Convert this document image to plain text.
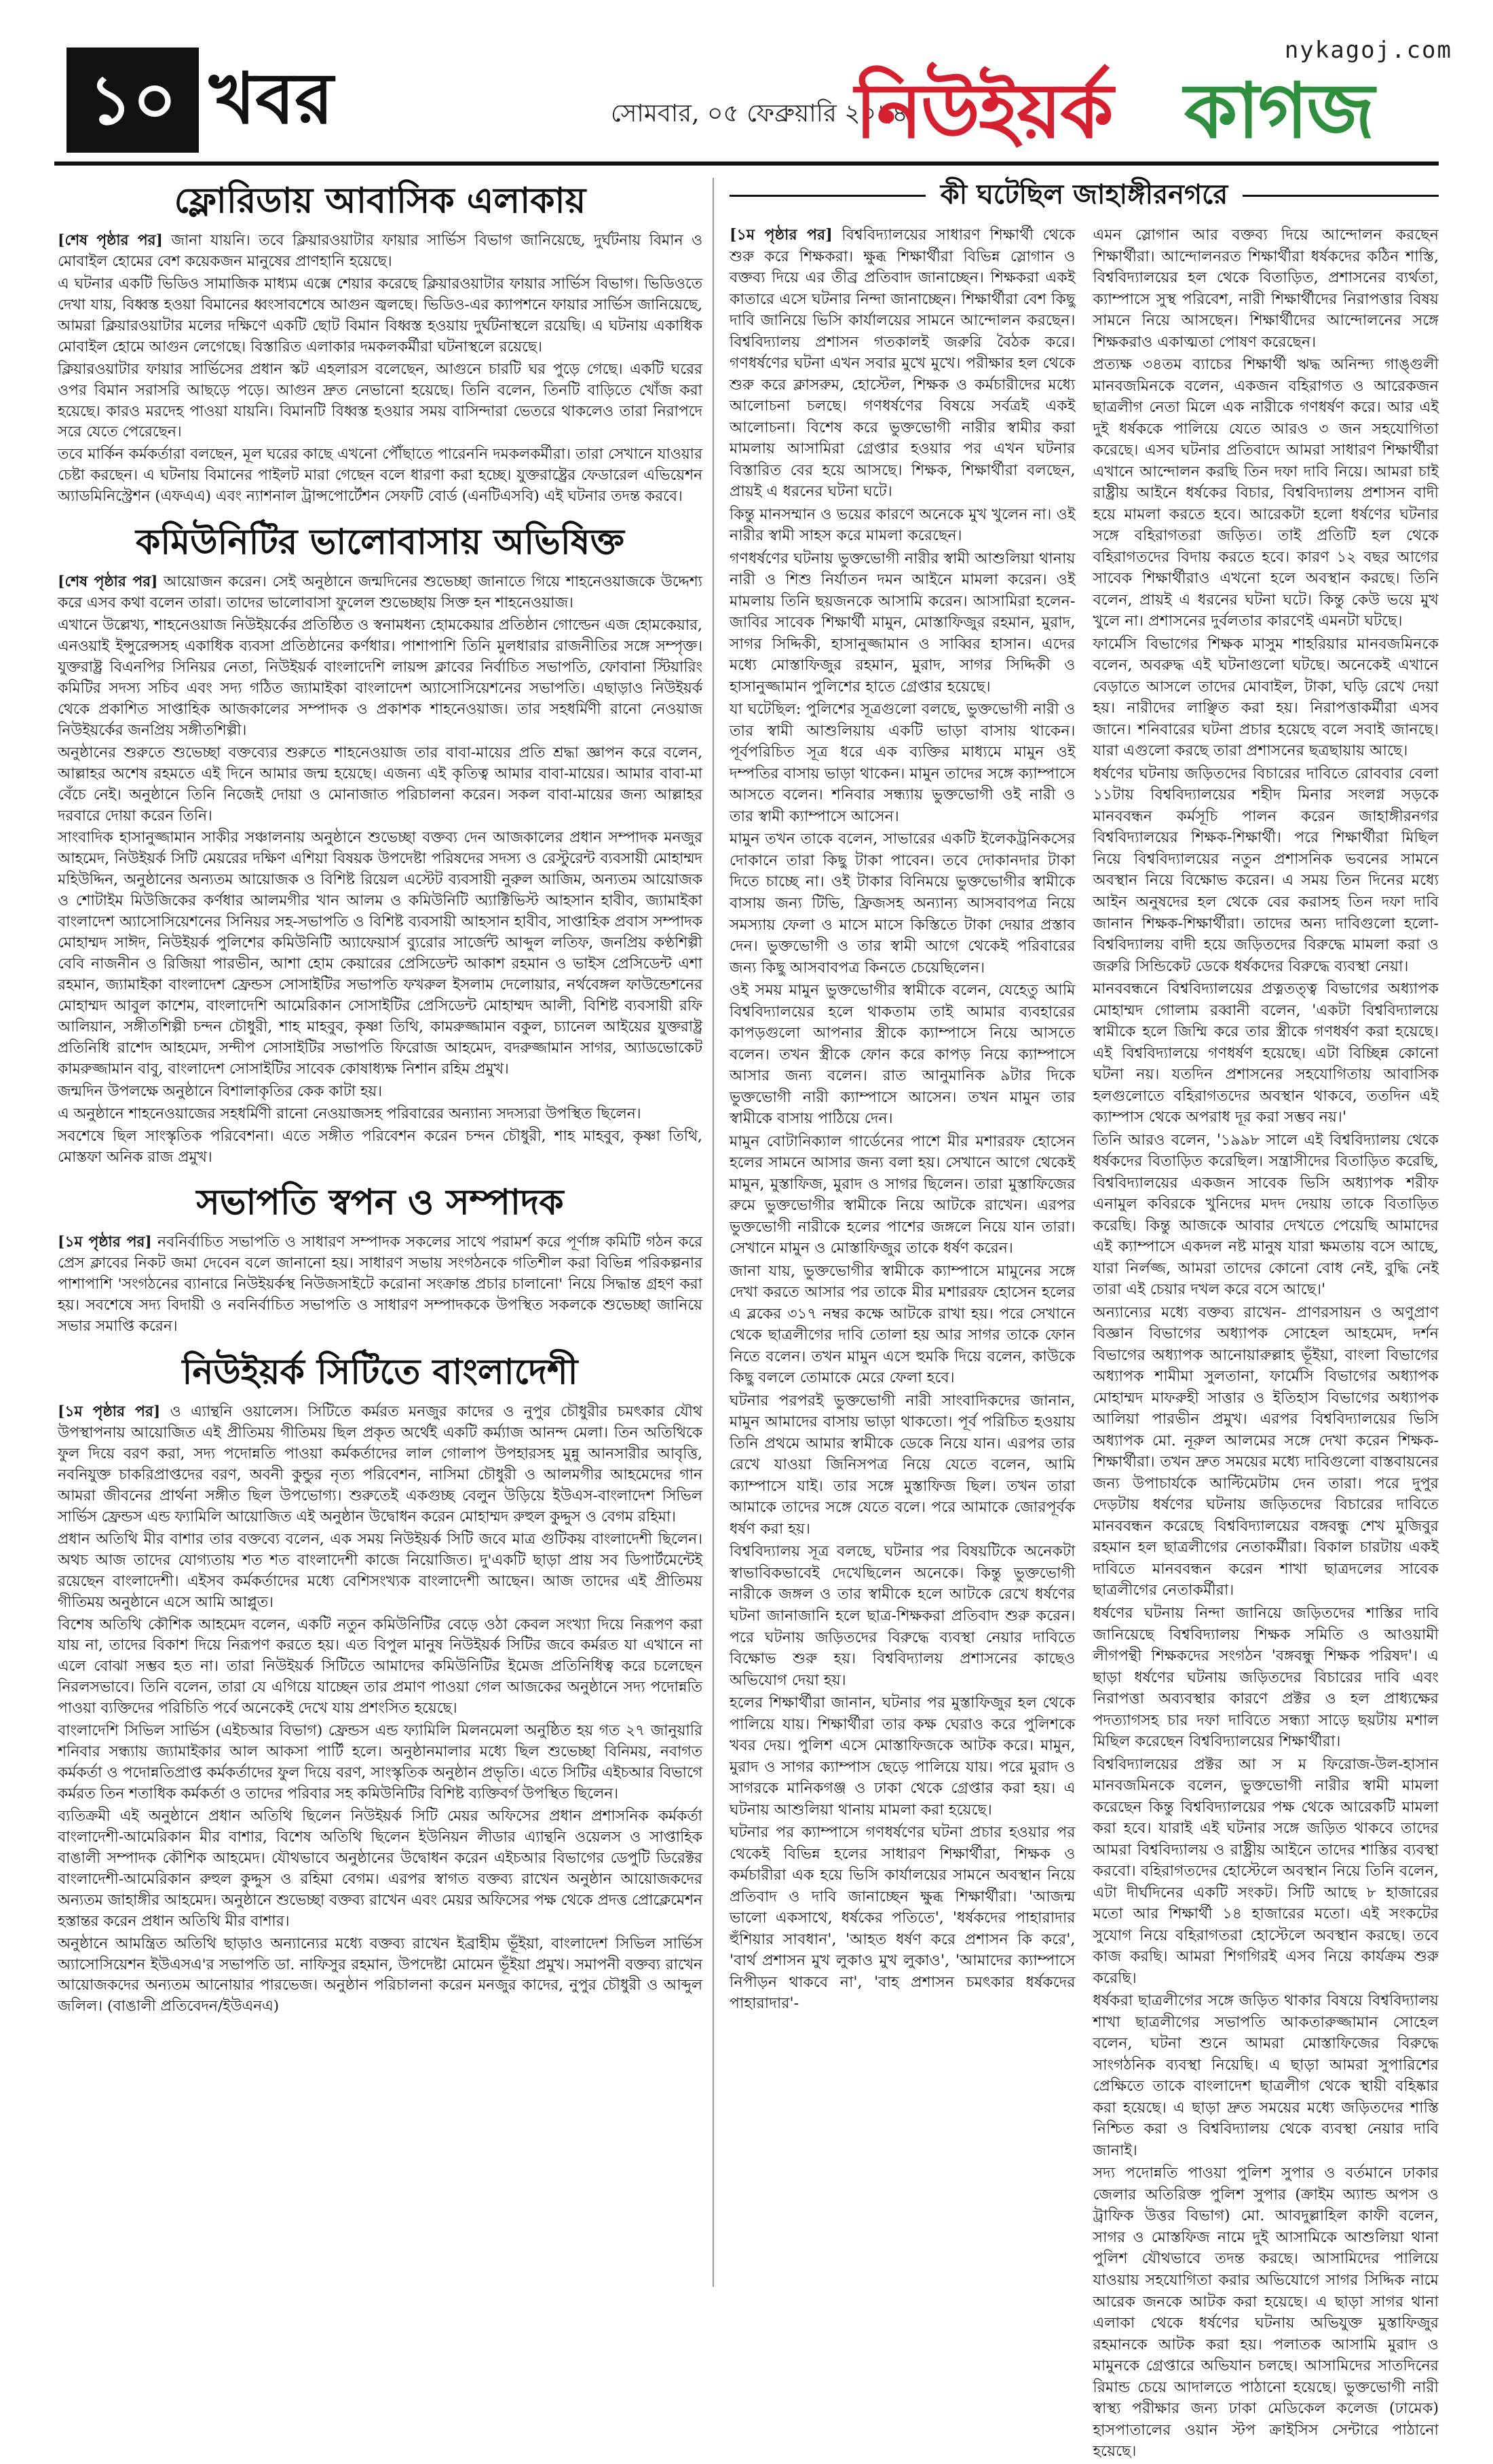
১০ খবর	সোমবার, ০৫ ফেব্রুয়ারি ২০২৪
nykagoj.com
নিউইয়র্ক কাগজ
ফ্লোরিডায় আবাসিক এলাকায়

[শেষ পৃষ্ঠার পর] জানা যায়নি। তবে ক্লিয়ারওয়াটার ফায়ার সার্ভিস বিভাগ জানিয়েছে, দুর্ঘটনায় বিমান ও মোবাইল হোমের বেশ কয়েকজন মানুষের প্রাণহানি হয়েছে।

এ ঘটনার একটি ভিডিও সামাজিক মাধ্যম এক্সে শেয়ার করেছে ক্লিয়ারওয়াটার ফায়ার সার্ভিস বিভাগ। ভিডিওতে দেখা যায়, বিধ্বস্ত হওয়া বিমানের ধ্বংসাবশেষে আগুন জ্বলছে। ভিডিও-এর ক্যাপশনে ফায়ার সার্ভিস জানিয়েছে, আমরা ক্লিয়ারওয়াটার মলের দক্ষিণে একটি ছোট বিমান বিধ্বস্ত হওয়ায় দুর্ঘটনাস্থলে রয়েছি। এ ঘটনায় একাধিক মোবাইল হোমে আগুন লেগেছে। বিস্তারিত এলাকার দমকলকর্মীরা ঘটনাস্থলে রয়েছে।

ক্লিয়ারওয়াটার ফায়ার সার্ভিসের প্রধান স্কট এহলারস বলেছেন, আগুনে চারটি ঘর পুড়ে গেছে। একটি ঘরের ওপর বিমান সরাসরি আছড়ে পড়ে। আগুন দ্রুত নেভানো হয়েছে। তিনি বলেন, তিনটি বাড়িতে খোঁজ করা হয়েছে। কারও মরদেহ পাওয়া যায়নি। বিমানটি বিধ্বস্ত হওয়ার সময় বাসিন্দারা ভেতরে থাকলেও তারা নিরাপদে সরে যেতে পেরেছেন।

তবে মার্কিন কর্মকর্তারা বলছেন, মূল ঘরের কাছে এখনো পৌঁছাতে পারেননি দমকলকর্মীরা। তারা সেখানে যাওয়ার চেষ্টা করছেন। এ ঘটনায় বিমানের পাইলট মারা গেছেন বলে ধারণা করা হচ্ছে। যুক্তরাষ্ট্রের ফেডারেল এভিয়েশন অ্যাডমিনিস্ট্রেশন (এফএএ) এবং ন্যাশনাল ট্রান্সপোর্টেশন সেফটি বোর্ড (এনটিএসবি) এই ঘটনার তদন্ত করবে।

কমিউনিটির ভালোবাসায় অভিষিক্ত

[শেষ পৃষ্ঠার পর] আয়োজন করেন। সেই অনুষ্ঠানে জন্মদিনের শুভেচ্ছা জানাতে গিয়ে শাহনেওয়াজকে উদ্দেশ্য করে এসব কথা বলেন তারা। তাদের ভালোবাসা ফুলেল শুভেচ্ছায় সিক্ত হন শাহনেওয়াজ।

এখানে উল্লেখ্য, শাহনেওয়াজ নিউইয়র্কের প্রতিষ্ঠিত ও স্বনামধন্য হোমকেয়ার প্রতিষ্ঠান গোল্ডেন এজ হোমকেয়ার, এনওয়াই ইন্সুরেন্সসহ একাধিক ব্যবসা প্রতিষ্ঠানের কর্ণধার। পাশাপাশি তিনি মুলধারার রাজনীতির সঙ্গে সম্পৃক্ত। যুক্তরাষ্ট্র বিএনপির সিনিয়র নেতা, নিউইয়র্ক বাংলাদেশি লায়ন্স ক্লাবের নির্বাচিত সভাপতি, ফোবানা স্টিয়ারিং কমিটির সদস্য সচিব এবং সদ্য গঠিত জ্যামাইকা বাংলাদেশ অ্যাসোসিয়েশনের সভাপতি। এছাড়াও নিউইয়র্ক থেকে প্রকাশিত সাপ্তাহিক আজকালের সম্পাদক ও প্রকাশক শাহনেওয়াজ। তার সহধর্মিণী রানো নেওয়াজ নিউইয়র্কের জনপ্রিয় সঙ্গীতশিল্পী।

অনুষ্ঠানের শুরুতে শুভেচ্ছা বক্তব্যের শুরুতে শাহনেওয়াজ তার বাবা-মায়ের প্রতি শ্রদ্ধা জ্ঞাপন করে বলেন, আল্লাহর অশেষ রহমতে এই দিনে আমার জন্ম হয়েছে। এজন্য এই কৃতিত্ব আমার বাবা-মায়ের। আমার বাবা-মা বেঁচে নেই। অনুষ্ঠানে তিনি নিজেই দোয়া ও মোনাজাত পরিচালনা করেন। সকল বাবা-মায়ের জন্য আল্লাহর দরবারে দোয়া করেন তিনি।

সাংবাদিক হাসানুজ্জামান সাকীর সঞ্চালনায় অনুষ্ঠানে শুভেচ্ছা বক্তব্য দেন আজকালের প্রধান সম্পাদক মনজুর আহমেদ, নিউইয়র্ক সিটি মেয়রের দক্ষিণ এশিয়া বিষয়ক উপদেষ্টা পরিষদের সদস্য ও রেস্টুরেন্ট ব্যবসায়ী মোহাম্মদ মহিউদ্দিন, অনুষ্ঠানের অন্যতম আয়োজক ও বিশিষ্ট রিয়েল এস্টেট ব্যবসায়ী নুরুল আজিম, অন্যতম আয়োজক ও শোটাইম মিউজিকের কর্ণধার আলমগীর খান আলম ও কমিউনিটি অ্যাক্টিভিস্ট আহসান হাবীব, জ্যামাইকা বাংলাদেশ অ্যাসোসিয়েশনের সিনিয়র সহ-সভাপতি ও বিশিষ্ট ব্যবসায়ী আহসান হাবীব, সাপ্তাহিক প্রবাস সম্পাদক মোহাম্মদ সাঈদ, নিউইয়র্ক পুলিশের কমিউনিটি অ্যাফেয়ার্স ব্যুরোর সার্জেন্ট আব্দুল লতিফ, জনপ্রিয় কণ্ঠশিল্পী বেবি নাজনীন ও রিজিয়া পারভীন, আশা হোম কেয়ারের প্রেসিডেন্ট আকাশ রহমান ও ভাইস প্রেসিডেন্ট এশা রহমান, জ্যামাইকা বাংলাদেশ ফ্রেন্ডস সোসাইটির সভাপতি ফখরুল ইসলাম দেলোয়ার, নর্থবেঙ্গল ফাউন্ডেশনের মোহাম্মদ আবুল কাশেম, বাংলাদেশি আমেরিকান সোসাইটির প্রেসিডেন্ট মোহাম্মদ আলী, বিশিষ্ট ব্যবসায়ী রফি আলিয়ান, সঙ্গীতশিল্পী চন্দন চৌধুরী, শাহ মাহবুব, কৃষ্ণা তিথি, কামরুজ্জামান বকুল, চ্যানেল আইয়ের যুক্তরাষ্ট্র প্রতিনিধি রাশেদ আহমেদ, সন্দীপ সোসাইটির সভাপতি ফিরোজ আহমেদ, বদরুজ্জামান সাগর, অ্যাডভোকেট কামরুজ্জামান বাবু, বাংলাদেশ সোসাইটির সাবেক কোষাধ্যক্ষ নিশান রহিম প্রমুখ।

জন্মদিন উপলক্ষে অনুষ্ঠানে বিশালাকৃতির কেক কাটা হয়।

এ অনুষ্ঠানে শাহনেওয়াজের সহধর্মিণী রানো নেওয়াজসহ পরিবারের অন্যান্য সদস্যরা উপস্থিত ছিলেন।

সবশেষে ছিল সাংস্কৃতিক পরিবেশনা। এতে সঙ্গীত পরিবেশন করেন চন্দন চৌধুরী, শাহ মাহবুব, কৃষ্ণা তিথি, মোস্তফা অনিক রাজ প্রমুখ।

সভাপতি স্বপন ও সম্পাদক

[১ম পৃষ্ঠার পর] নবনির্বাচিত সভাপতি ও সাধারণ সম্পাদক সকলের সাথে পরামর্শ করে পূর্ণাঙ্গ কমিটি গঠন করে প্রেস ক্লাবের নিকট জমা দেবেন বলে জানানো হয়। সাধারণ সভায় সংগঠনকে গতিশীল করা বিভিন্ন পরিকল্পনার পাশাপাশি 'সংগঠনের ব্যানারে নিউইয়র্কস্থ নিউজসাইটে করোনা সংক্রান্ত প্রচার চালানো' নিয়ে সিদ্ধান্ত গ্রহণ করা হয়। সবশেষে সদ্য বিদায়ী ও নবনির্বাচিত সভাপতি ও সাধারণ সম্পাদককে উপস্থিত সকলকে শুভেচ্ছা জানিয়ে সভার সমাপ্তি করেন।

নিউইয়র্ক সিটিতে বাংলাদেশী

[১ম পৃষ্ঠার পর] ও এ্যান্থনি ওয়ালেস। সিটিতে কর্মরত মনজুর কাদের ও নুপুর চৌধুরীর চমৎকার যৌথ উপস্থাপনায় আয়োজিত এই প্রীতিময় গীতিময় ছিল প্রকৃত অর্থেই একটি কর্ম্যাজ আনন্দ মেলা। তিন অতিথিকে ফুল দিয়ে বরণ করা, সদ্য পদোন্নতি পাওয়া কর্মকর্তাদের লাল গোলাপ উপহারসহ মুন্নু আনসারীর আবৃত্তি, নবনিযুক্ত চাকরিপ্রাপ্তদের বরণ, অবনী কুন্ডুর নৃত্য পরিবেশন, নাসিমা চৌধুরী ও আলমগীর আহমেদের গান আমরা জীবনের প্রার্থনা সঙ্গীত ছিল উপভোগ্য। শুরুতেই একগুচ্ছ বেলুন উড়িয়ে ইউএস-বাংলাদেশ সিভিল সার্ভিস ফ্রেন্ডস এন্ড ফ্যামিলি আয়োজিত এই অনুষ্ঠান উদ্বোধন করেন মোহাম্মদ রুহুল কুদ্দুস ও বেগম রহিমা।

প্রধান অতিথি মীর বাশার তার বক্তব্যে বলেন, এক সময় নিউইয়র্ক সিটি জবে মাত্র গুটিকয় বাংলাদেশী ছিলেন। অথচ আজ তাদের যোগ্যতায় শত শত বাংলাদেশী কাজে নিয়োজিত। দু'একটি ছাড়া প্রায় সব ডিপার্টমেন্টেই রয়েছেন বাংলাদেশী। এইসব কর্মকর্তাদের মধ্যে বেশিসংখ্যক বাংলাদেশী আছেন। আজ তাদের এই প্রীতিময় গীতিময় অনুষ্ঠানে এসে আমি আপ্লুত।

বিশেষ অতিথি কৌশিক আহমেদ বলেন, একটি নতুন কমিউনিটির বেড়ে ওঠা কেবল সংখ্যা দিয়ে নিরূপণ করা যায় না, তাদের বিকাশ দিয়ে নিরূপণ করতে হয়। এত বিপুল মানুষ নিউইয়র্ক সিটির জবে কর্মরত যা এখানে না এলে বোঝা সম্ভব হত না। তারা নিউইয়র্ক সিটিতে আমাদের কমিউনিটির ইমেজ প্রতিনিধিত্ব করে চলেছেন নিরলসভাবে। তিনি বলেন, তারা যে এগিয়ে যাচ্ছেন তার প্রমাণ পাওয়া গেল আজকের অনুষ্ঠানে সদ্য পদোন্নতি পাওয়া ব্যক্তিদের পরিচিতি পর্বে অনেকেই দেখে যায় প্রশংসিত হয়েছে।

বাংলাদেশি সিভিল সার্ভিস (এইচআর বিভাগ) ফ্রেন্ডস এন্ড ফ্যামিলি মিলনমেলা অনুষ্ঠিত হয় গত ২৭ জানুয়ারি শনিবার সন্ধ্যায় জ্যামাইকার আল আকসা পার্টি হলে। অনুষ্ঠানমালার মধ্যে ছিল শুভেচ্ছা বিনিময়, নবাগত কর্মকর্তা ও পদোন্নতিপ্রাপ্ত কর্মকর্তাদের ফুল দিয়ে বরণ, সাংস্কৃতিক অনুষ্ঠান প্রভৃতি। এতে সিটির এইচআর বিভাগে কর্মরত তিন শতাধিক কর্মকর্তা ও তাদের পরিবার সহ কমিউনিটির বিশিষ্ট ব্যক্তিবর্গ উপস্থিত ছিলেন।

ব্যতিক্রমী এই অনুষ্ঠানে প্রধান অতিথি ছিলেন নিউইয়র্ক সিটি মেয়র অফিসের প্রধান প্রশাসনিক কর্মকর্তা বাংলাদেশী-আমেরিকান মীর বাশার, বিশেষ অতিথি ছিলেন ইউনিয়ন লীডার এ্যান্থনি ওয়েলস ও সাপ্তাহিক বাঙালী সম্পাদক কৌশিক আহমেদ। যৌথভাবে অনুষ্ঠানের উদ্বোধন করেন এইচআর বিভাগের ডেপুটি ডিরেক্টর বাংলাদেশী-আমেরিকান রুহুল কুদ্দুস ও রহিমা বেগম। এরপর স্বাগত বক্তব্য রাখেন অনুষ্ঠান আয়োজকদের অন্যতম জাহাঙ্গীর আহমেদ। অনুষ্ঠানে শুভেচ্ছা বক্তব্য রাখেন এবং মেয়র অফিসের পক্ষ থেকে প্রদত্ত প্রোক্লেমেশন হস্তান্তর করেন প্রধান অতিথি মীর বাশার।

অনুষ্ঠানে আমন্ত্রিত অতিথি ছাড়াও অন্যান্যের মধ্যে বক্তব্য রাখেন ইব্রাহীম ভূঁইয়া, বাংলাদেশ সিভিল সার্ভিস অ্যাসোসিয়েশন ইউএসএ'র সভাপতি ডা. নাফিসুর রহমান, উপদেষ্টা মোমেন ভূঁইয়া প্রমুখ। সমাপনী বক্তব্য রাখেন আয়োজকদের অন্যতম আনোয়ার পারভেজ। অনুষ্ঠান পরিচালনা করেন মনজুর কাদের, নুপুর চৌধুরী ও আব্দুল জলিল। (বাঙালী প্রতিবেদন/ইউএনএ)

কী ঘটেছিল জাহাঙ্গীরনগরে

[১ম পৃষ্ঠার পর] বিশ্ববিদ্যালয়ের সাধারণ শিক্ষার্থী থেকে শুরু করে শিক্ষকরা। ক্ষুব্ধ শিক্ষার্থীরা বিভিন্ন স্লোগান ও বক্তব্য দিয়ে এর তীব্র প্রতিবাদ জানাচ্ছেন। শিক্ষকরা একই কাতারে এসে ঘটনার নিন্দা জানাচ্ছেন। শিক্ষার্থীরা বেশ কিছু দাবি জানিয়ে ভিসি কার্যালয়ের সামনে আন্দোলন করছেন। বিশ্ববিদ্যালয় প্রশাসন গতকালই জরুরি বৈঠক করে। গণধর্ষণের ঘটনা এখন সবার মুখে মুখে। পরীক্ষার হল থেকে শুরু করে ক্লাসরুম, হোস্টেল, শিক্ষক ও কর্মচারীদের মধ্যে আলোচনা চলছে। গণধর্ষণের বিষয়ে সর্বত্রই একই আলোচনা। বিশেষ করে ভুক্তভোগী নারীর স্বামীর করা মামলায় আসামিরা গ্রেপ্তার হওয়ার পর এখন ঘটনার বিস্তারিত বের হয়ে আসছে। শিক্ষক, শিক্ষার্থীরা বলছেন, প্রায়ই এ ধরনের ঘটনা ঘটে।

কিন্তু মানসম্মান ও ভয়ের কারণে অনেকে মুখ খুলেন না। ওই নারীর স্বামী সাহস করে মামলা করেছেন।

গণধর্ষণের ঘটনায় ভুক্তভোগী নারীর স্বামী আশুলিয়া থানায় নারী ও শিশু নির্যাতন দমন আইনে মামলা করেন। ওই মামলায় তিনি ছয়জনকে আসামি করেন। আসামিরা হলেন- জাবির সাবেক শিক্ষার্থী মামুন, মোস্তাফিজুর রহমান, মুরাদ, সাগর সিদ্দিকী, হাসানুজ্জামান ও সাব্বির হাসান। এদের মধ্যে মোস্তাফিজুর রহমান, মুরাদ, সাগর সিদ্দিকী ও হাসানুজ্জামান পুলিশের হাতে গ্রেপ্তার হয়েছে।

যা ঘটেছিল: পুলিশের সূত্রগুলো বলছে, ভুক্তভোগী নারী ও তার স্বামী আশুলিয়ায় একটি ভাড়া বাসায় থাকেন। পূর্বপরিচিত সূত্র ধরে এক ব্যক্তির মাধ্যমে মামুন ওই দম্পতির বাসায় ভাড়া থাকেন। মামুন তাদের সঙ্গে ক্যাম্পাসে আসতে বলেন। শনিবার সন্ধ্যায় ভুক্তভোগী ওই নারী ও তার স্বামী ক্যাম্পাসে আসেন।

মামুন তখন তাকে বলেন, সাভারের একটি ইলেকট্রনিকসের দোকানে তারা কিছু টাকা পাবেন। তবে দোকানদার টাকা দিতে চাচ্ছে না। ওই টাকার বিনিময়ে ভুক্তভোগীর স্বামীকে বাসায় জন্য টিভি, ফ্রিজসহ অন্যান্য আসবাবপত্র নিয়ে সমস্যায় ফেলা ও মাসে মাসে কিস্তিতে টাকা দেয়ার প্রস্তাব দেন। ভুক্তভোগী ও তার স্বামী আগে থেকেই পরিবারের জন্য কিছু আসবাবপত্র কিনতে চেয়েছিলেন।

ওই সময় মামুন ভুক্তভোগীর স্বামীকে বলেন, যেহেতু আমি বিশ্ববিদ্যালয়ের হলে থাকতাম তাই আমার ব্যবহারের কাপড়গুলো আপনার স্ত্রীকে ক্যাম্পাসে নিয়ে আসতে বলেন। তখন স্ত্রীকে ফোন করে কাপড় নিয়ে ক্যাম্পাসে আসার জন্য বলেন। রাত আনুমানিক ৯টার দিকে ভুক্তভোগী নারী ক্যাম্পাসে আসেন। তখন মামুন তার স্বামীকে বাসায় পাঠিয়ে দেন।

মামুন বোটানিক্যাল গার্ডেনের পাশে মীর মশাররফ হোসেন হলের সামনে আসার জন্য বলা হয়। সেখানে আগে থেকেই মামুন, মুস্তাফিজ, মুরাদ ও সাগর ছিলেন। তারা মুস্তাফিজের রুমে ভুক্তভোগীর স্বামীকে নিয়ে আটকে রাখেন। এরপর ভুক্তভোগী নারীকে হলের পাশের জঙ্গলে নিয়ে যান তারা। সেখানে মামুন ও মোস্তাফিজুর তাকে ধর্ষণ করেন।

জানা যায়, ভুক্তভোগীর স্বামীকে ক্যাম্পাসে মামুনের সঙ্গে দেখা করতে আসার পর তাকে মীর মশাররফ হোসেন হলের এ ব্লকের ৩১৭ নম্বর কক্ষে আটকে রাখা হয়। পরে সেখানে থেকে ছাত্রলীগের দাবি তোলা হয় আর সাগর তাকে ফোন নিতে বলেন। তখন মামুন এসে হুমকি দিয়ে বলেন, কাউকে কিছু বললে তোমাকে মেরে ফেলা হবে।

ঘটনার পরপরই ভুক্তভোগী নারী সাংবাদিকদের জানান, মামুন আমাদের বাসায় ভাড়া থাকতো। পূর্ব পরিচিত হওয়ায় তিনি প্রথমে আমার স্বামীকে ডেকে নিয়ে যান। এরপর তার রেখে যাওয়া জিনিসপত্র নিয়ে যেতে বলেন, আমি ক্যাম্পাসে যাই। তার সঙ্গে মুস্তাফিজ ছিল। তখন তারা আমাকে তাদের সঙ্গে যেতে বলে। পরে আমাকে জোরপূর্বক ধর্ষণ করা হয়।

বিশ্ববিদ্যালয় সূত্র বলছে, ঘটনার পর বিষয়টিকে অনেকটা স্বাভাবিকভাবেই দেখেছিলেন অনেকে। কিন্তু ভুক্তভোগী নারীকে জঙ্গল ও তার স্বামীকে হলে আটকে রেখে ধর্ষণের ঘটনা জানাজানি হলে ছাত্র-শিক্ষকরা প্রতিবাদ শুরু করেন। পরে ঘটনায় জড়িতদের বিরুদ্ধে ব্যবস্থা নেয়ার দাবিতে বিক্ষোভ শুরু হয়। বিশ্ববিদ্যালয় প্রশাসনের কাছেও অভিযোগ দেয়া হয়।

হলের শিক্ষার্থীরা জানান, ঘটনার পর মুস্তাফিজুর হল থেকে পালিয়ে যায়। শিক্ষার্থীরা তার কক্ষ ঘেরাও করে পুলিশকে খবর দেয়। পুলিশ এসে মোস্তাফিজকে আটক করে। মামুন, মুরাদ ও সাগর ক্যাম্পাস ছেড়ে পালিয়ে যায়। পরে মুরাদ ও সাগরকে মানিকগঞ্জ ও ঢাকা থেকে গ্রেপ্তার করা হয়। এ ঘটনায় আশুলিয়া থানায় মামলা করা হয়েছে।

ঘটনার পর ক্যাম্পাসে গণধর্ষণের ঘটনা প্রচার হওয়ার পর থেকেই বিভিন্ন হলের সাধারণ শিক্ষার্থীরা, শিক্ষক ও কর্মচারীরা এক হয়ে ভিসি কার্যালয়ের সামনে অবস্থান নিয়ে প্রতিবাদ ও দাবি জানাচ্ছেন ক্ষুব্ধ শিক্ষার্থীরা। 'আজন্ম ভালো একসাথে, ধর্ষকের পতিতে', 'ধর্ষকদের পাহারাদার হুঁশিয়ার সাবধান', 'আহত ধর্ষণ করে প্রশাসন কি করে', 'বার্থ প্রশাসন মুখ লুকাও মুখ লুকাও', 'আমাদের ক্যাম্পাসে নিপীড়ন থাকবে না', 'বাহ প্রশাসন চমৎকার ধর্ষকদের পাহারাদার'-

এমন স্লোগান আর বক্তব্য দিয়ে আন্দোলন করছেন শিক্ষার্থীরা। আন্দোলনরত শিক্ষার্থীরা ধর্ষকদের কঠিন শাস্তি, বিশ্ববিদ্যালয়ের হল থেকে বিতাড়িত, প্রশাসনের ব্যর্থতা, ক্যাম্পাসে সুস্থ পরিবেশ, নারী শিক্ষার্থীদের নিরাপত্তার বিষয় সামনে নিয়ে আসছেন। শিক্ষার্থীদের আন্দোলনের সঙ্গে শিক্ষকরাও একাত্মতা পোষণ করেছেন।

প্রত্যক্ষ ৩৪তম ব্যাচের শিক্ষার্থী ঋদ্ধ অনিন্দ্য গাঙ্গুলী মানবজমিনকে বলেন, একজন বহিরাগত ও আরেকজন ছাত্রলীগ নেতা মিলে এক নারীকে গণধর্ষণ করে। আর এই দুই ধর্ষককে পালিয়ে যেতে আরও ৩ জন সহযোগিতা করেছে। এসব ঘটনার প্রতিবাদে আমরা সাধারণ শিক্ষার্থীরা এখানে আন্দোলন করছি তিন দফা দাবি নিয়ে। আমরা চাই রাষ্ট্রীয় আইনে ধর্ষকের বিচার, বিশ্ববিদ্যালয় প্রশাসন বাদী হয়ে মামলা করতে হবে। আরেকটা হলো ধর্ষণের ঘটনার সঙ্গে বহিরাগতরা জড়িত। তাই প্রতিটি হল থেকে বহিরাগতদের বিদায় করতে হবে। কারণ ১২ বছর আগের সাবেক শিক্ষার্থীরাও এখনো হলে অবস্থান করছে। তিনি বলেন, প্রায়ই এ ধরনের ঘটনা ঘটে। কিন্তু কেউ ভয়ে মুখ খুলে না। প্রশাসনের দুর্বলতার কারণেই এমনটা ঘটছে।

ফার্মেসি বিভাগের শিক্ষক মাসুম শাহরিয়ার মানবজমিনকে বলেন, অবরুদ্ধ এই ঘটনাগুলো ঘটছে। অনেকেই এখানে বেড়াতে আসলে তাদের মোবাইল, টাকা, ঘড়ি রেখে দেয়া হয়। নারীদের লাঞ্ছিত করা হয়। নিরাপত্তাকর্মীরা এসব জানে। শনিবারের ঘটনা প্রচার হয়েছে বলে সবাই জানছে। যারা এগুলো করছে তারা প্রশাসনের ছত্রছায়ায় আছে।

ধর্ষণের ঘটনায় জড়িতদের বিচারের দাবিতে রোববার বেলা ১১টায় বিশ্ববিদ্যালয়ের শহীদ মিনার সংলগ্ন সড়কে মানববন্ধন কর্মসূচি পালন করেন জাহাঙ্গীরনগর বিশ্ববিদ্যালয়ের শিক্ষক-শিক্ষার্থী। পরে শিক্ষার্থীরা মিছিল নিয়ে বিশ্ববিদ্যালয়ের নতুন প্রশাসনিক ভবনের সামনে অবস্থান নিয়ে বিক্ষোভ করেন। এ সময় তিন দিনের মধ্যে আইন অনুষদের হল থেকে বের করাসহ তিন দফা দাবি জানান শিক্ষক-শিক্ষার্থীরা। তাদের অন্য দাবিগুলো হলো- বিশ্ববিদ্যালয় বাদী হয়ে জড়িতদের বিরুদ্ধে মামলা করা ও জরুরি সিন্ডিকেট ডেকে ধর্ষকদের বিরুদ্ধে ব্যবস্থা নেয়া।

মানববন্ধনে বিশ্ববিদ্যালয়ের প্রত্নতত্ত্ব বিভাগের অধ্যাপক মোহাম্মদ গোলাম রব্বানী বলেন, 'একটা বিশ্ববিদ্যালয়ে স্বামীকে হলে জিম্মি করে তার স্ত্রীকে গণধর্ষণ করা হয়েছে। এই বিশ্ববিদ্যালয়ে গণধর্ষণ হয়েছে। এটা বিচ্ছিন্ন কোনো ঘটনা নয়। যতদিন প্রশাসনের সহযোগিতায় আবাসিক হলগুলোতে বহিরাগতদের অবস্থান থাকবে, ততদিন এই ক্যাম্পাস থেকে অপরাধ দূর করা সম্ভব নয়।'

তিনি আরও বলেন, '১৯৯৮ সালে এই বিশ্ববিদ্যালয় থেকে ধর্ষকদের বিতাড়িত করেছিল। সন্ত্রাসীদের বিতাড়িত করেছি, বিশ্ববিদ্যালয়ের একজন সাবেক ভিসি অধ্যাপক শরীফ এনামুল কবিরকে খুনিদের মদদ দেয়ায় তাকে বিতাড়িত করেছি। কিন্তু আজকে আবার দেখতে পেয়েছি আমাদের এই ক্যাম্পাসে একদল নষ্ট মানুষ যারা ক্ষমতায় বসে আছে, যারা নির্লজ্জ, আমরা তাদের কোনো বোধ নেই, বুদ্ধি নেই তারা এই চেয়ার দখল করে বসে আছে।'

অন্যান্যের মধ্যে বক্তব্য রাখেন- প্রাণরসায়ন ও অণুপ্রাণ বিজ্ঞান বিভাগের অধ্যাপক সোহেল আহমেদ, দর্শন বিভাগের অধ্যাপক আনোয়ারুল্লাহ ভূঁইয়া, বাংলা বিভাগের অধ্যাপক শামীমা সুলতানা, ফার্মেসি বিভাগের অধ্যাপক মোহাম্মদ মাফরুহী সাত্তার ও ইতিহাস বিভাগের অধ্যাপক আলিয়া পারভীন প্রমুখ। এরপর বিশ্ববিদ্যালয়ের ভিসি অধ্যাপক মো. নূরুল আলমের সঙ্গে দেখা করেন শিক্ষক-শিক্ষার্থীরা। তখন দ্রুত সময়ের মধ্যে দাবিগুলো বাস্তবায়নের জন্য উপাচার্যকে আল্টিমেটাম দেন তারা। পরে দুপুর দেড়টায় ধর্ষণের ঘটনায় জড়িতদের বিচারের দাবিতে মানববন্ধন করেছে বিশ্ববিদ্যালয়ের বঙ্গবন্ধু শেখ মুজিবুর রহমান হল ছাত্রলীগের নেতাকর্মীরা। বিকাল চারটায় একই দাবিতে মানববন্ধন করেন শাখা ছাত্রদলের সাবেক ছাত্রলীগের নেতাকর্মীরা।

ধর্ষণের ঘটনায় নিন্দা জানিয়ে জড়িতদের শাস্তির দাবি জানিয়েছে বিশ্ববিদ্যালয় শিক্ষক সমিতি ও আওয়ামী লীগপন্থী শিক্ষকদের সংগঠন 'বঙ্গবন্ধু শিক্ষক পরিষদ'। এ ছাড়া ধর্ষণের ঘটনায় জড়িতদের বিচারের দাবি এবং নিরাপত্তা অব্যবস্থার কারণে প্রক্টর ও হল প্রাধ্যক্ষের পদত্যাগসহ চার দফা দাবিতে সন্ধ্যা সাড়ে ছয়টায় মশাল মিছিল করেছেন বিশ্ববিদ্যালয়ের শিক্ষার্থীরা।

বিশ্ববিদ্যালয়ের প্রক্টর আ স ম ফিরোজ-উল-হাসান মানবজমিনকে বলেন, ভুক্তভোগী নারীর স্বামী মামলা করেছেন কিন্তু বিশ্ববিদ্যালয়ের পক্ষ থেকে আরেকটি মামলা করা হবে। যারাই এই ঘটনার সঙ্গে জড়িত থাকবে তাদের আমরা বিশ্ববিদ্যালয় ও রাষ্ট্রীয় আইনে তাদের শাস্তির ব্যবস্থা করবো। বহিরাগতদের হোস্টেলে অবস্থান নিয়ে তিনি বলেন, এটা দীর্ঘদিনের একটি সংকট। সিটি আছে ৮ হাজারের মতো আর শিক্ষার্থী ১৪ হাজারের মতো। এই সংকটের সুযোগ নিয়ে বহিরাগতরা হোস্টেলে অবস্থান করছে। তবে কাজ করছি। আমরা শিগগিরই এসব নিয়ে কার্যক্রম শুরু করেছি।

ধর্ষকরা ছাত্রলীগের সঙ্গে জড়িত থাকার বিষয়ে বিশ্ববিদ্যালয় শাখা ছাত্রলীগের সভাপতি আকতারুজ্জামান সোহেল বলেন, ঘটনা শুনে আমরা মোস্তাফিজের বিরুদ্ধে সাংগঠনিক ব্যবস্থা নিয়েছি। এ ছাড়া আমরা সুপারিশের প্রেক্ষিতে তাকে বাংলাদেশ ছাত্রলীগ থেকে স্থায়ী বহিষ্কার করা হয়েছে। এ ছাড়া দ্রুত সময়ের মধ্যে জড়িতদের শাস্তি নিশ্চিত করা ও বিশ্ববিদ্যালয় থেকে ব্যবস্থা নেয়ার দাবি জানাই।

সদ্য পদোন্নতি পাওয়া পুলিশ সুপার ও বর্তমানে ঢাকার জেলার অতিরিক্ত পুলিশ সুপার (ক্রাইম অ্যান্ড অপস ও ট্রাফিক উত্তর বিভাগ) মো. আবদুল্লাহিল কাফী বলেন, সাগর ও মোস্তফিজ নামে দুই আসামিকে আশুলিয়া থানা পুলিশ যৌথভাবে তদন্ত করছে। আসামিদের পালিয়ে যাওয়ায় সহযোগিতা করার অভিযোগে সাগর সিদ্দিক নামে আরেক জনকে আটক করা হয়েছে। এ ছাড়া সাগর থানা এলাকা থেকে ধর্ষণের ঘটনায় অভিযুক্ত মুস্তাফিজুর রহমানকে আটক করা হয়। পলাতক আসামি মুরাদ ও মামুনকে গ্রেপ্তারে অভিযান চলছে। আসামিদের সাতদিনের রিমান্ড চেয়ে আদালতে পাঠানো হয়েছে। ভুক্তভোগী নারী স্বাস্থ্য পরীক্ষার জন্য ঢাকা মেডিকেল কলেজ (ঢামেক) হাসপাতালের ওয়ান স্টপ ক্রাইসিস সেন্টারে পাঠানো হয়েছে।
